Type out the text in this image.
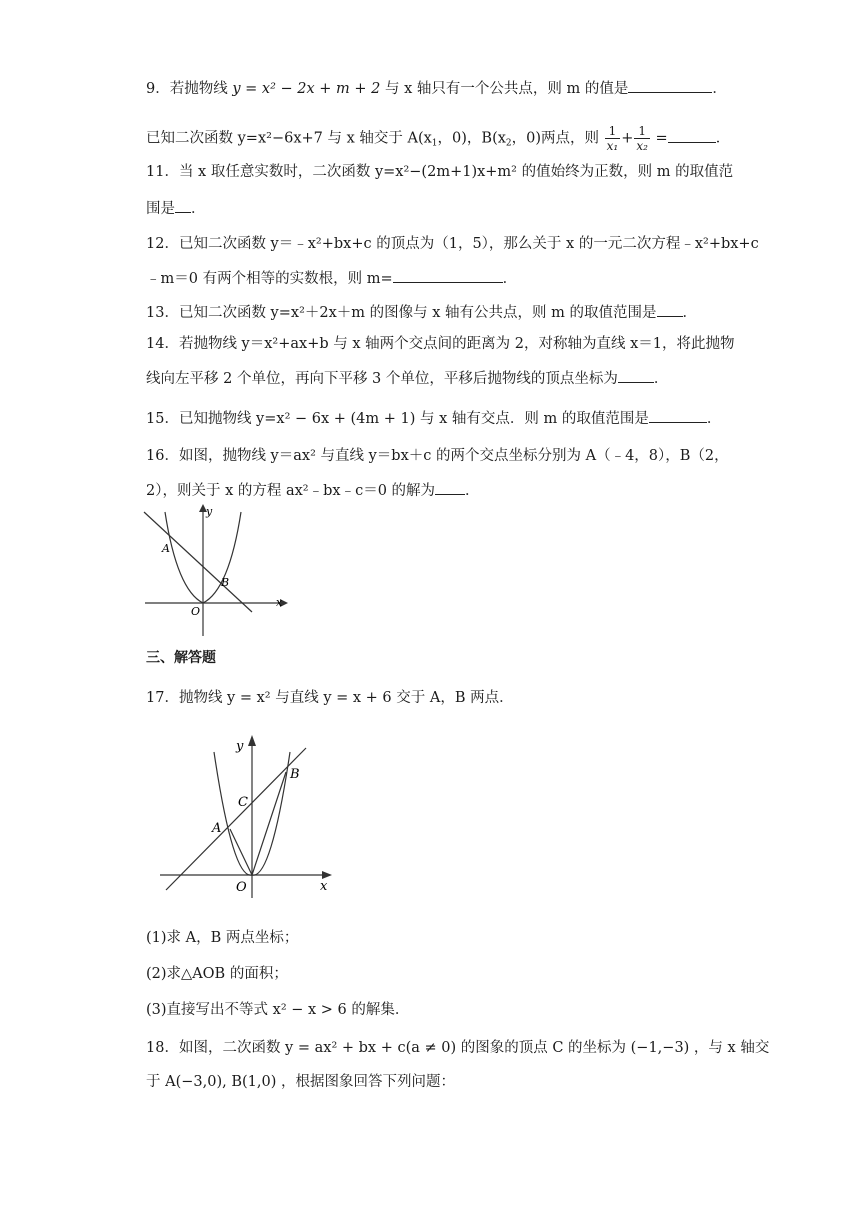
9．若抛物线 y = x² − 2x + m + 2 与 x 轴只有一个公共点，则 m 的值是	．
已知二次函数 y=x²−6x+7 与 x 轴交于 $A(x_1$，0)，$B(x_2$，0)两点，则 $\frac{1}{\text{x₁}} + \frac{1}{\text{x₂}}$ =	．
11．当 x 取任意实数时，二次函数 y=x²−(2m+1)x+m² 的值始终为正数，则 m 的取值范
围是 ．
12．已知二次函数 y＝﹣x²+bx+c 的顶点为（1，5），那么关于 x 的一元二次方程﹣x²+bx+c
﹣m＝0 有两个相等的实数根，则 m=	．
13．已知二次函数 y=x²＋2x＋m 的图像与 x 轴有公共点，则 m 的取值范围是 ．
14．若抛物线 y＝x²+ax+b 与 x 轴两个交点间的距离为 2，对称轴为直线 x＝1，将此抛物
线向左平移 2 个单位，再向下平移 3 个单位，平移后抛物线的顶点坐标为 ．
15．已知抛物线 y=x² − 6x + (4m + 1) 与 x 轴有交点．则 m 的取值范围是	．
16．如图，抛物线 y＝ax² 与直线 y＝bx＋c 的两个交点坐标分别为 A（﹣4，8），B（2，
2），则关于 x 的方程 ax²﹣bx﹣c＝0 的解为 ．
y
x
A
B
O
三、解答题
17．抛物线 y = x² 与直线 y = x + 6 交于 A，B 两点．
y
x
A
B
C
O
(1)求 A，B 两点坐标；
(2)求△AOB 的面积；
(3)直接写出不等式 x² − x > 6 的解集．
18．如图，二次函数 y = ax² + bx + c(a ≠ 0) 的图象的顶点 C 的坐标为 (−1,−3) ，与 x 轴交
于 A(−3,0), B(1,0) ，根据图象回答下列问题：
